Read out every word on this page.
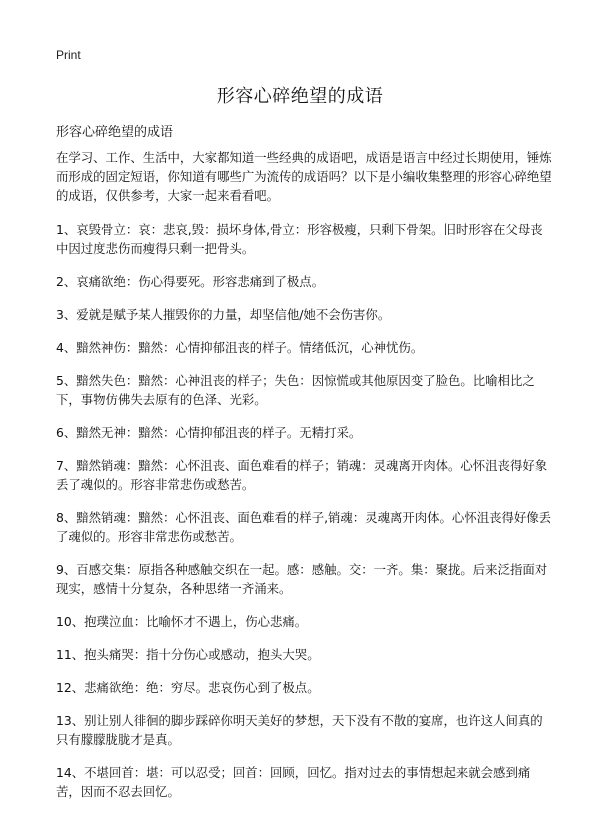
Print
形容心碎绝望的成语

形容心碎绝望的成语

在学习、工作、生活中，大家都知道一些经典的成语吧，成语是语言中经过长期使用，锤炼而形成的固定短语，你知道有哪些广为流传的成语吗？以下是小编收集整理的形容心碎绝望的成语，仅供参考，大家一起来看看吧。

1、哀毁骨立：哀：悲哀,毁：损坏身体,骨立：形容极瘦，只剩下骨架。旧时形容在父母丧中因过度悲伤而瘦得只剩一把骨头。

2、哀痛欲绝：伤心得要死。形容悲痛到了极点。

3、爱就是赋予某人摧毁你的力量，却坚信他/她不会伤害你。

4、黯然神伤：黯然：心情抑郁沮丧的样子。情绪低沉，心神忧伤。

5、黯然失色：黯然：心神沮丧的样子；失色：因惊慌或其他原因变了脸色。比喻相比之下，事物仿佛失去原有的色泽、光彩。

6、黯然无神：黯然：心情抑郁沮丧的样子。无精打采。

7、黯然销魂：黯然：心怀沮丧、面色难看的样子；销魂：灵魂离开肉体。心怀沮丧得好象丢了魂似的。形容非常悲伤或愁苦。

8、黯然销魂：黯然：心怀沮丧、面色难看的样子,销魂：灵魂离开肉体。心怀沮丧得好像丢了魂似的。形容非常悲伤或愁苦。

9、百感交集：原指各种感触交织在一起。感：感触。交：一齐。集：聚拢。后来泛指面对现实，感情十分复杂，各种思绪一齐涌来。

10、抱璞泣血：比喻怀才不遇上，伤心悲痛。

11、抱头痛哭：指十分伤心或感动，抱头大哭。

12、悲痛欲绝：绝：穷尽。悲哀伤心到了极点。

13、别让别人徘徊的脚步踩碎你明天美好的梦想，天下没有不散的宴席，也许这人间真的只有朦朦胧胧才是真。

14、不堪回首：堪：可以忍受；回首：回顾，回忆。指对过去的事情想起来就会感到痛苦，因而不忍去回忆。
